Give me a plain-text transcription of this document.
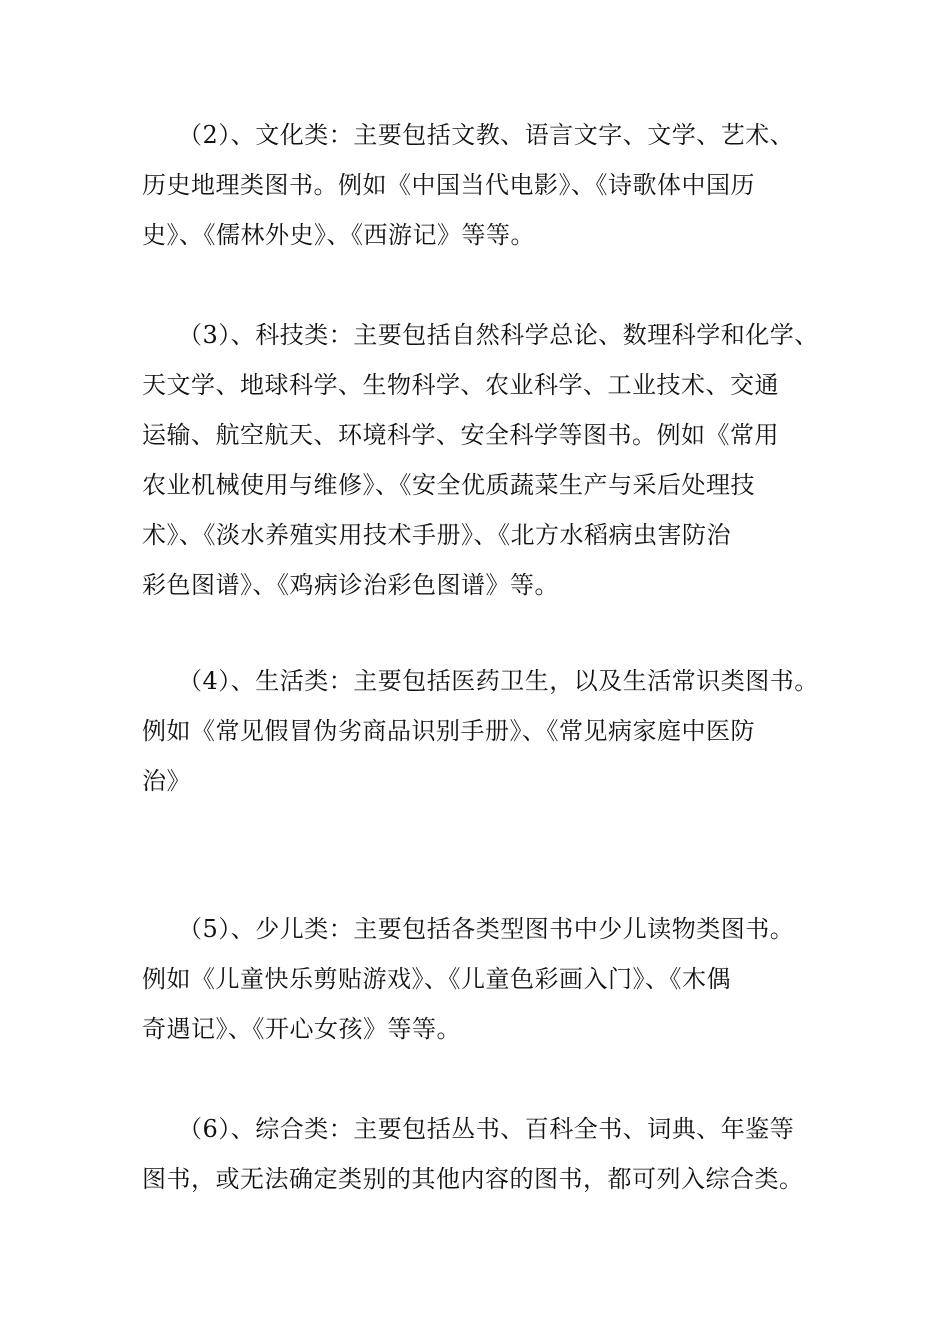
（2）、文化类：主要包括文教、语言文字、文学、艺术、
历史地理类图书。例如《中国当代电影》、《诗歌体中国历
史》、《儒林外史》、《西游记》等等。
（3）、科技类：主要包括自然科学总论、数理科学和化学、
天文学、地球科学、生物科学、农业科学、工业技术、交通
运输、航空航天、环境科学、安全科学等图书。例如《常用
农业机械使用与维修》、《安全优质蔬菜生产与采后处理技
术》、《淡水养殖实用技术手册》、《北方水稻病虫害防治
彩色图谱》、《鸡病诊治彩色图谱》等。
（4）、生活类：主要包括医药卫生，以及生活常识类图书。
例如《常见假冒伪劣商品识别手册》、《常见病家庭中医防
治》
（5）、少儿类：主要包括各类型图书中少儿读物类图书。
例如《儿童快乐剪贴游戏》、《儿童色彩画入门》、《木偶
奇遇记》、《开心女孩》等等。
（6）、综合类：主要包括丛书、百科全书、词典、年鉴等
图书，或无法确定类别的其他内容的图书，都可列入综合类。
